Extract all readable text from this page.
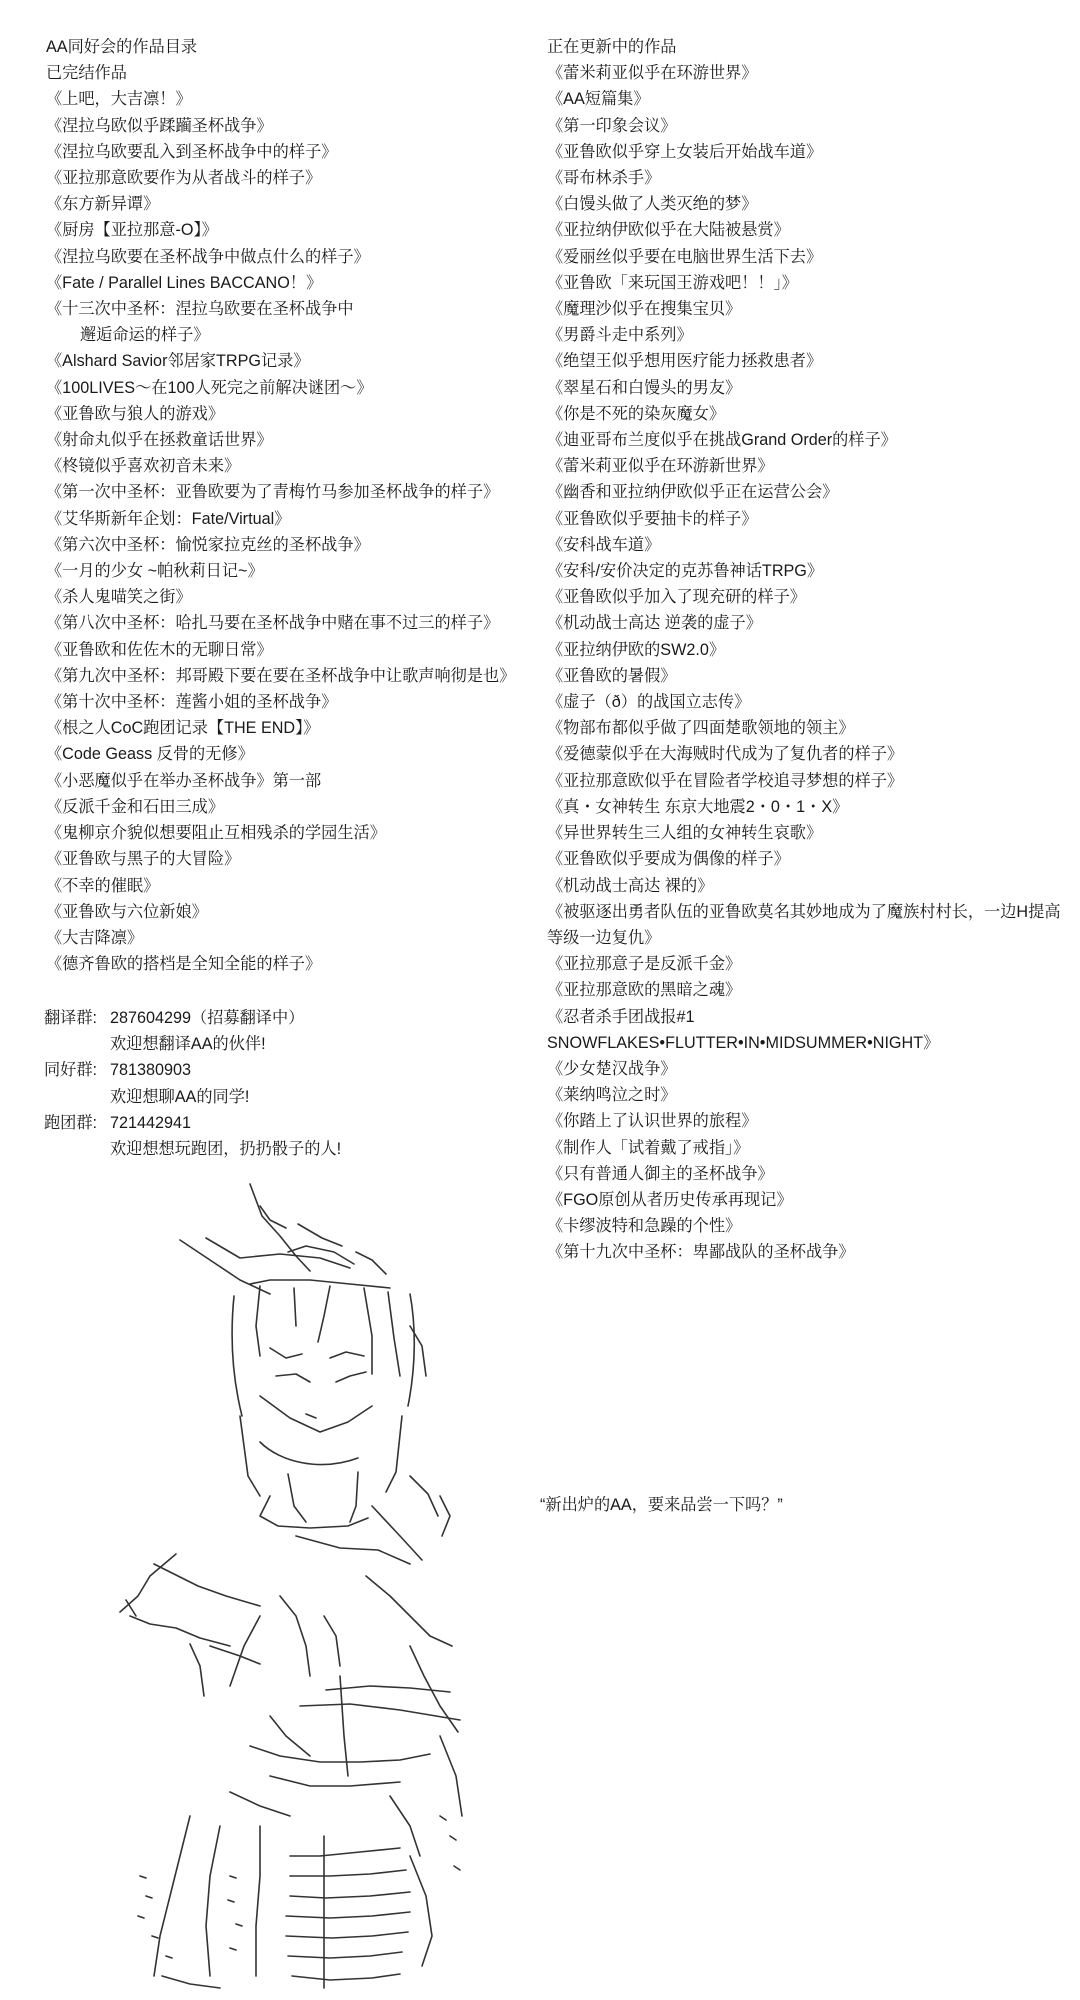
AA同好会的作品目录
已完结作品
《上吧，大吉凛！》
《涅拉乌欧似乎蹂躏圣杯战争》
《涅拉乌欧要乱入到圣杯战争中的样子》
《亚拉那意欧要作为从者战斗的样子》
《东方新异谭》
《厨房【亚拉那意-O】》
《涅拉乌欧要在圣杯战争中做点什么的样子》
《Fate / Parallel Lines BACCANO！》
《十三次中圣杯：涅拉乌欧要在圣杯战争中
邂逅命运的样子》
《Alshard Savior邻居家TRPG记录》
《100LIVES～在100人死完之前解决谜团～》
《亚鲁欧与狼人的游戏》
《射命丸似乎在拯救童话世界》
《柊镜似乎喜欢初音未来》
《第一次中圣杯：亚鲁欧要为了青梅竹马参加圣杯战争的样子》
《艾华斯新年企划：Fate/Virtual》
《第六次中圣杯：愉悦家拉克丝的圣杯战争》
《一月的少女 ~帕秋莉日记~》
《杀人鬼喵笑之街》
《第八次中圣杯：哈扎马要在圣杯战争中赌在事不过三的样子》
《亚鲁欧和佐佐木的无聊日常》
《第九次中圣杯：邦哥殿下要在要在圣杯战争中让歌声响彻是也》
《第十次中圣杯：莲酱小姐的圣杯战争》
《根之人CoC跑团记录【THE END】》
《Code Geass 反骨的无修》
《小恶魔似乎在举办圣杯战争》第一部
《反派千金和石田三成》
《鬼柳京介貌似想要阻止互相残杀的学园生活》
《亚鲁欧与黑子的大冒险》
《不幸的催眠》
《亚鲁欧与六位新娘》
《大吉降凛》
《德齐鲁欧的搭档是全知全能的样子》
翻译群: 287604299（招募翻译中）
欢迎想翻译AA的伙伴!
同好群: 781380903
欢迎想聊AA的同学!
跑团群: 721442941
欢迎想想玩跑团，扔扔骰子的人!
正在更新中的作品
《蕾米莉亚似乎在环游世界》
《AA短篇集》
《第一印象会议》
《亚鲁欧似乎穿上女装后开始战车道》
《哥布林杀手》
《白馒头做了人类灭绝的梦》
《亚拉纳伊欧似乎在大陆被悬赏》
《爱丽丝似乎要在电脑世界生活下去》
《亚鲁欧「来玩国王游戏吧！！」》
《魔理沙似乎在搜集宝贝》
《男爵斗走中系列》
《绝望王似乎想用医疗能力拯救患者》
《翠星石和白馒头的男友》
《你是不死的染灰魔女》
《迪亚哥布兰度似乎在挑战Grand Order的样子》
《蕾米莉亚似乎在环游新世界》
《幽香和亚拉纳伊欧似乎正在运营公会》
《亚鲁欧似乎要抽卡的样子》
《安科战车道》
《安科/安价决定的克苏鲁神话TRPG》
《亚鲁欧似乎加入了现充研的样子》
《机动战士高达 逆袭的虚子》
《亚拉纳伊欧的SW2.0》
《亚鲁欧的暑假》
《虚子（ð）的战国立志传》
《物部布都似乎做了四面楚歌领地的领主》
《爱德蒙似乎在大海贼时代成为了复仇者的样子》
《亚拉那意欧似乎在冒险者学校追寻梦想的样子》
《真・女神转生 东京大地震2・0・1・X》
《异世界转生三人组的女神转生哀歌》
《亚鲁欧似乎要成为偶像的样子》
《机动战士高达 裸的》
《被驱逐出勇者队伍的亚鲁欧莫名其妙地成为了魔族村村长，一边H提高等级一边复仇》
《亚拉那意子是反派千金》
《亚拉那意欧的黑暗之魂》
《忍者杀手团战报#1 SNOWFLAKES•FLUTTER•IN•MIDSUMMER•NIGHT》
《少女楚汉战争》
《莱纳鸣泣之时》
《你踏上了认识世界的旅程》
《制作人「试着戴了戒指」》
《只有普通人御主的圣杯战争》
《FGO原创从者历史传承再现记》
《卡缪波特和急躁的个性》
《第十九次中圣杯：卑鄙战队的圣杯战争》
“新出炉的AA，要来品尝一下吗？”
